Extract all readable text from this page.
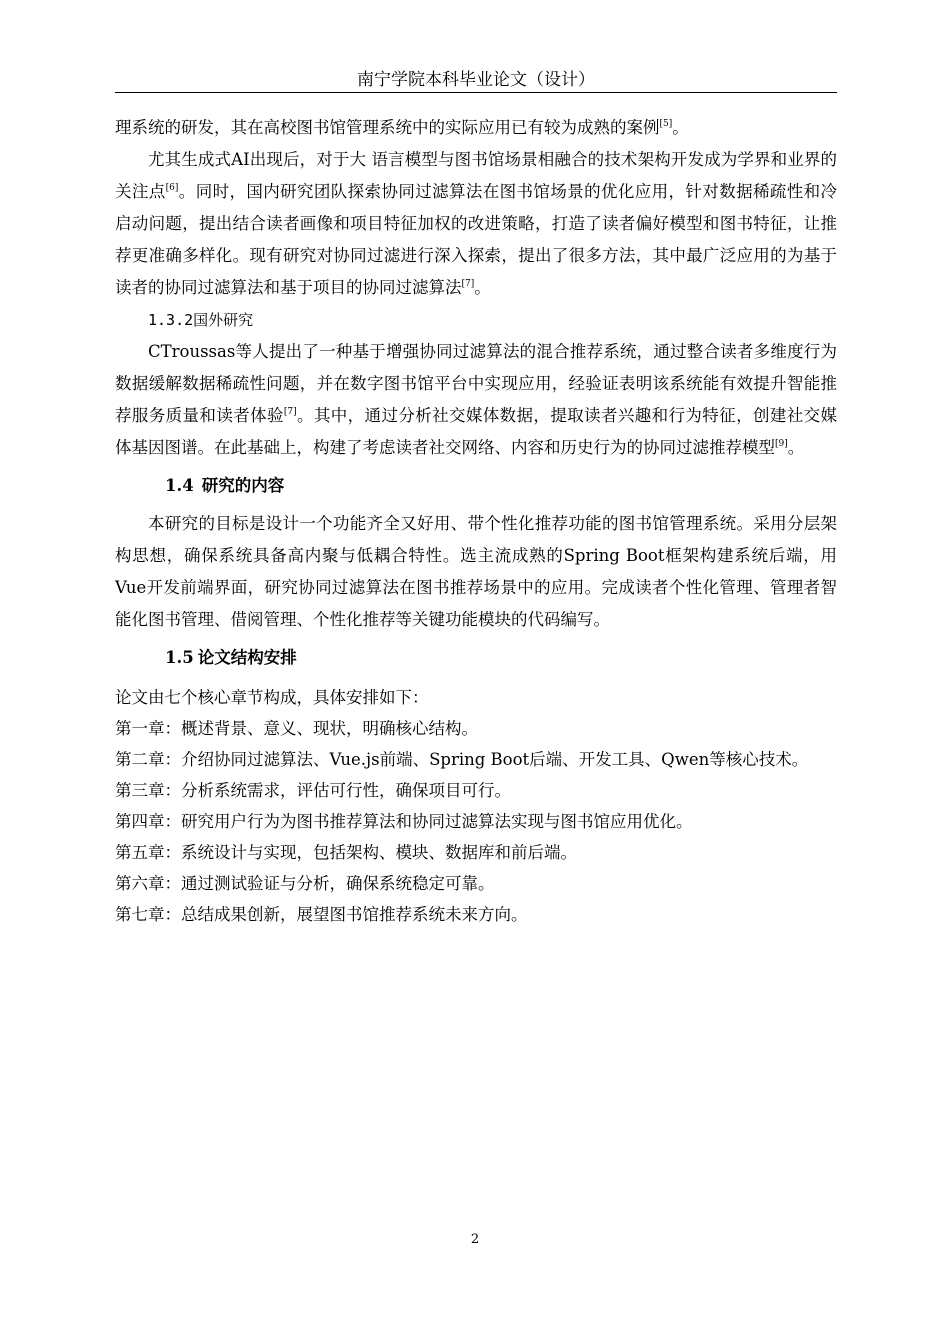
南宁学院本科毕业论文（设计）

理系统的研发，其在高校图书馆管理系统中的实际应用已有较为成熟的案例[5]。

尤其生成式AI出现后，对于大 语言模型与图书馆场景相融合的技术架构开发成为学界和业界的关注点[6]。同时，国内研究团队探索协同过滤算法在图书馆场景的优化应用，针对数据稀疏性和冷启动问题，提出结合读者画像和项目特征加权的改进策略，打造了读者偏好模型和图书特征，让推荐更准确多样化。现有研究对协同过滤进行深入探索，提出了很多方法，其中最广泛应用的为基于读者的协同过滤算法和基于项目的协同过滤算法[7]。

1.3.2国外研究

CTroussas等人提出了一种基于增强协同过滤算法的混合推荐系统，通过整合读者多维度行为数据缓解数据稀疏性问题，并在数字图书馆平台中实现应用，经验证表明该系统能有效提升智能推荐服务质量和读者体验[7]。其中，通过分析社交媒体数据，提取读者兴趣和行为特征，创建社交媒体基因图谱。在此基础上，构建了考虑读者社交网络、内容和历史行为的协同过滤推荐模型[9]。

1.4 研究的内容

本研究的目标是设计一个功能齐全又好用、带个性化推荐功能的图书馆管理系统。采用分层架构思想，确保系统具备高内聚与低耦合特性。选主流成熟的Spring Boot框架构建系统后端，用Vue开发前端界面，研究协同过滤算法在图书推荐场景中的应用。完成读者个性化管理、管理者智能化图书管理、借阅管理、个性化推荐等关键功能模块的代码编写。

1.5 论文结构安排

论文由七个核心章节构成，具体安排如下：

第一章：概述背景、意义、现状，明确核心结构。

第二章：介绍协同过滤算法、Vue.js前端、Spring Boot后端、开发工具、Qwen等核心技术。

第三章：分析系统需求，评估可行性，确保项目可行。

第四章：研究用户行为为图书推荐算法和协同过滤算法实现与图书馆应用优化。

第五章：系统设计与实现，包括架构、模块、数据库和前后端。

第六章：通过测试验证与分析，确保系统稳定可靠。

第七章：总结成果创新，展望图书馆推荐系统未来方向。

2
